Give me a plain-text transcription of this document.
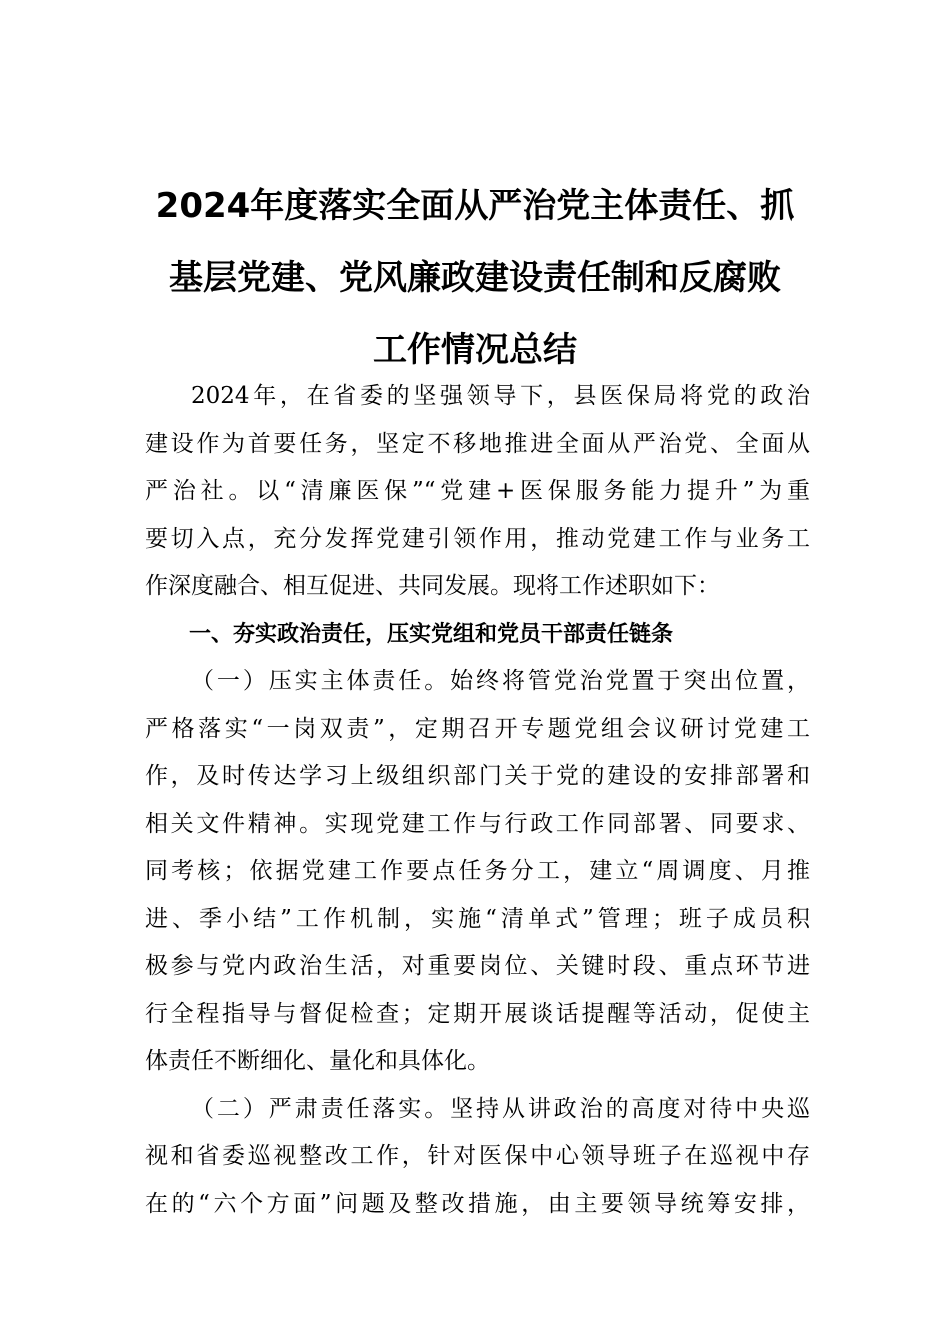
2024年度落实全面从严治党主体责任、抓
基层党建、党风廉政建设责任制和反腐败
工作情况总结

2024年，在省委的坚强领导下，县医保局将党的政治

建设作为首要任务，坚定不移地推进全面从严治党、全面从
严治社。以“清廉医保”“党建+医保服务能力提升”为重
要切入点，充分发挥党建引领作用，推动党建工作与业务工
作深度融合、相互促进、共同发展。现将工作述职如下：

一、夯实政治责任，压实党组和党员干部责任链条

（一）压实主体责任。始终将管党治党置于突出位置，

严格落实“一岗双责”，定期召开专题党组会议研讨党建工
作，及时传达学习上级组织部门关于党的建设的安排部署和
相关文件精神。实现党建工作与行政工作同部署、同要求、
同考核；依据党建工作要点任务分工，建立“周调度、月推
进、季小结”工作机制，实施“清单式”管理；班子成员积
极参与党内政治生活，对重要岗位、关键时段、重点环节进
行全程指导与督促检查；定期开展谈话提醒等活动，促使主
体责任不断细化、量化和具体化。

（二）严肃责任落实。坚持从讲政治的高度对待中央巡

视和省委巡视整改工作，针对医保中心领导班子在巡视中存
在的“六个方面”问题及整改措施，由主要领导统筹安排，
